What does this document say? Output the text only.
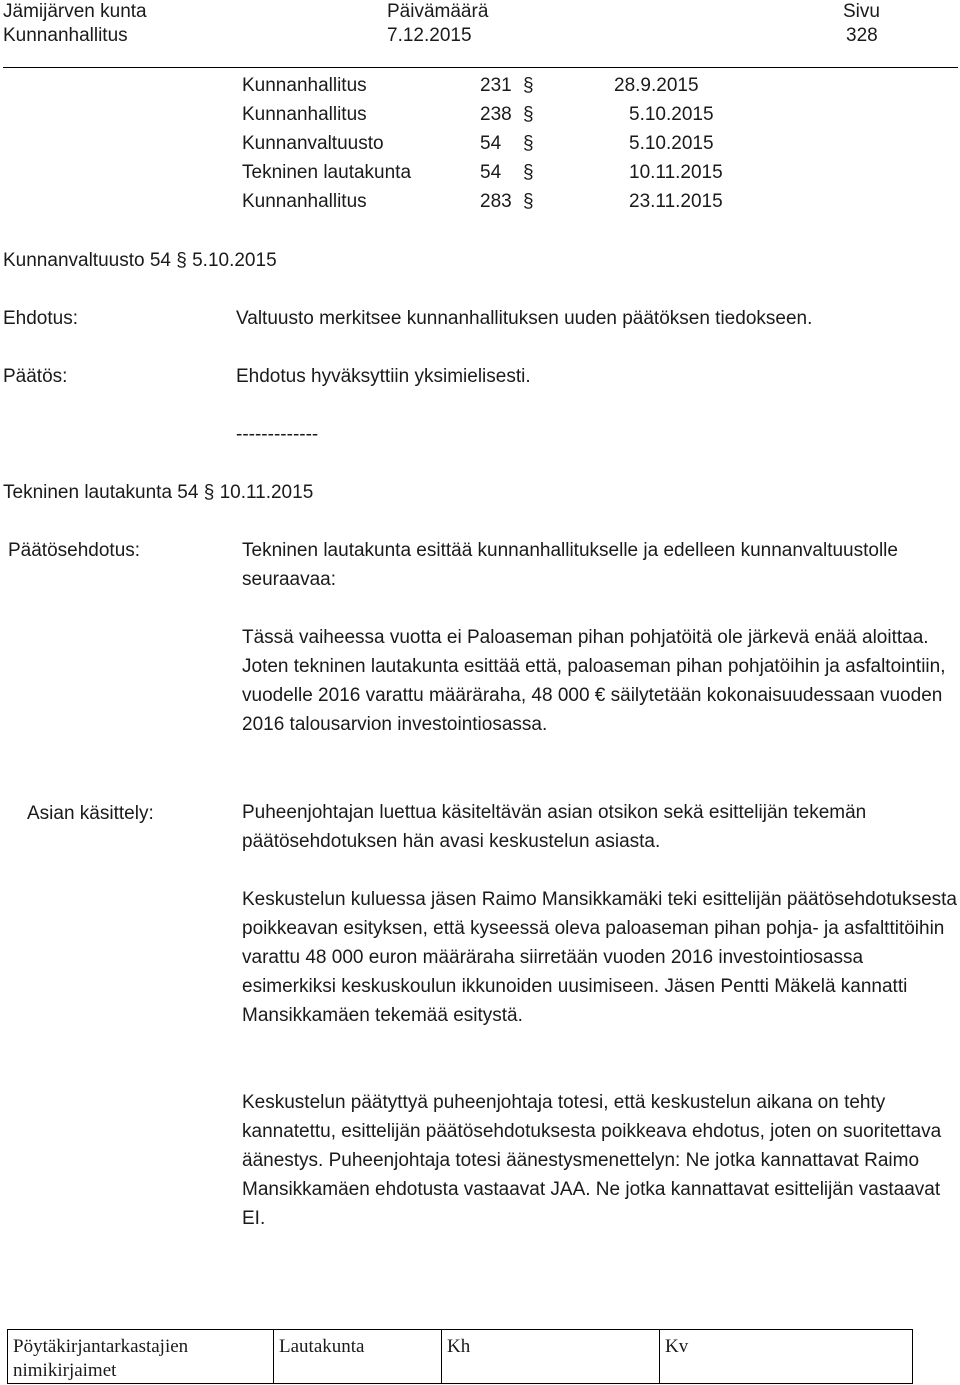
Jämijärven kunta
Kunnanhallitus
Päivämäärä
7.12.2015
Sivu
328
Kunnanhallitus	231 §	28.9.2015
Kunnanhallitus	238 §	5.10.2015
Kunnanvaltuusto	54 §	5.10.2015
Tekninen lautakunta	54 §	10.11.2015
Kunnanhallitus	283 §	23.11.2015
Kunnanvaltuusto 54 § 5.10.2015
Ehdotus:	Valtuusto merkitsee kunnanhallituksen uuden päätöksen tiedokseen.
Päätös:	Ehdotus hyväksyttiin yksimielisesti.
-------------
Tekninen lautakunta 54 § 10.11.2015
Päätösehdotus:	Tekninen lautakunta esittää kunnanhallitukselle ja edelleen kunnanvaltuustolle seuraavaa:
Tässä vaiheessa vuotta ei Paloaseman pihan pohjatöitä ole järkevä enää aloittaa. Joten tekninen lautakunta esittää että, paloaseman pihan pohjatöihin ja asfaltointiin, vuodelle 2016 varattu määräraha, 48 000 € säilytetään kokonaisuudessaan vuoden 2016 talousarvion investointiosassa.
Asian käsittely:	Puheenjohtajan luettua käsiteltävän asian otsikon sekä esittelijän tekemän päätösehdotuksen hän avasi keskustelun asiasta.
Keskustelun kuluessa jäsen Raimo Mansikkamäki teki esittelijän päätösehdotuksesta poikkeavan esityksen, että kyseessä oleva paloaseman pihan pohja- ja asfalttitöihin varattu 48 000 euron määräraha siirretään vuoden 2016 investointiosassa esimerkiksi keskuskoulun ikkunoiden uusimiseen. Jäsen Pentti Mäkelä kannatti Mansikkamäen tekemää esitystä.
Keskustelun päätyttyä puheenjohtaja totesi, että keskustelun aikana on tehty kannatettu, esittelijän päätösehdotuksesta poikkeava ehdotus, joten on suoritettava äänestys. Puheenjohtaja totesi äänestysmenettelyn: Ne jotka kannattavat Raimo Mansikkamäen ehdotusta vastaavat JAA. Ne jotka kannattavat esittelijän vastaavat EI.
Pöytäkirjantarkastajien nimikirjaimet	Lautakunta	Kh	Kv
